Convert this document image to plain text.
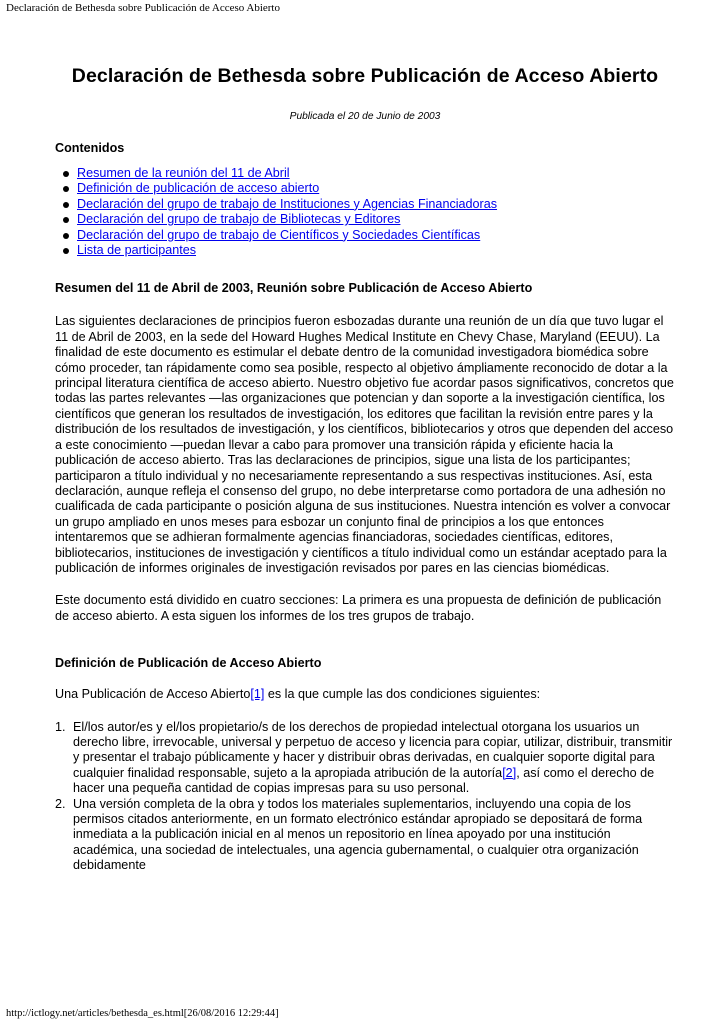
Declaración de Bethesda sobre Publicación de Acceso Abierto
Declaración de Bethesda sobre Publicación de Acceso Abierto
Publicada el 20 de Junio de 2003
Contenidos
Resumen de la reunión del 11 de Abril
Definición de publicación de acceso abierto
Declaración del grupo de trabajo de Instituciones y Agencias Financiadoras
Declaración del grupo de trabajo de Bibliotecas y Editores
Declaración del grupo de trabajo de Científicos y Sociedades Científicas
Lista de participantes
Resumen del 11 de Abril de 2003, Reunión sobre Publicación de Acceso Abierto

Las siguientes declaraciones de principios fueron esbozadas durante una reunión de un día que tuvo lugar el 11 de Abril de 2003, en la sede del Howard Hughes Medical Institute en Chevy Chase, Maryland (EEUU). La finalidad de este documento es estimular el debate dentro de la comunidad investigadora biomédica sobre cómo proceder, tan rápidamente como sea posible, respecto al objetivo ámpliamente reconocido de dotar a la principal literatura científica de acceso abierto. Nuestro objetivo fue acordar pasos significativos, concretos que todas las partes relevantes —las organizaciones que potencian y dan soporte a la investigación científica, los científicos que generan los resultados de investigación, los editores que facilitan la revisión entre pares y la distribución de los resultados de investigación, y los científicos, bibliotecarios y otros que dependen del acceso a este conocimiento —puedan llevar a cabo para promover una transición rápida y eficiente hacia la publicación de acceso abierto. Tras las declaraciones de principios, sigue una lista de los participantes; participaron a título individual y no necesariamente representando a sus respectivas instituciones. Así, esta declaración, aunque refleja el consenso del grupo, no debe interpretarse como portadora de una adhesión no cualificada de cada participante o posición alguna de sus instituciones. Nuestra intención es volver a convocar un grupo ampliado en unos meses para esbozar un conjunto final de principios a los que entonces intentaremos que se adhieran formalmente agencias financiadoras, sociedades científicas, editores, bibliotecarios, instituciones de investigación y científicos a título individual como un estándar aceptado para la publicación de informes originales de investigación revisados por pares en las ciencias biomédicas.

Este documento está dividido en cuatro secciones: La primera es una propuesta de definición de publicación de acceso abierto. A esta siguen los informes de los tres grupos de trabajo.

Definición de Publicación de Acceso Abierto

Una Publicación de Acceso Abierto[1] es la que cumple las dos condiciones siguientes:

1. El/los autor/es y el/los propietario/s de los derechos de propiedad intelectual otorgana los usuarios un derecho libre, irrevocable, universal y perpetuo de acceso y licencia para copiar, utilizar, distribuir, transmitir y presentar el trabajo públicamente y hacer y distribuir obras derivadas, en cualquier soporte digital para cualquier finalidad responsable, sujeto a la apropiada atribución de la autoría[2], así como el derecho de hacer una pequeña cantidad de copias impresas para su uso personal.
2. Una versión completa de la obra y todos los materiales suplementarios, incluyendo una copia de los permisos citados anteriormente, en un formato electrónico estándar apropiado se depositará de forma inmediata a la publicación inicial en al menos un repositorio en línea apoyado por una institución académica, una sociedad de intelectuales, una agencia gubernamental, o cualquier otra organización debidamente
http://ictlogy.net/articles/bethesda_es.html[26/08/2016 12:29:44]
